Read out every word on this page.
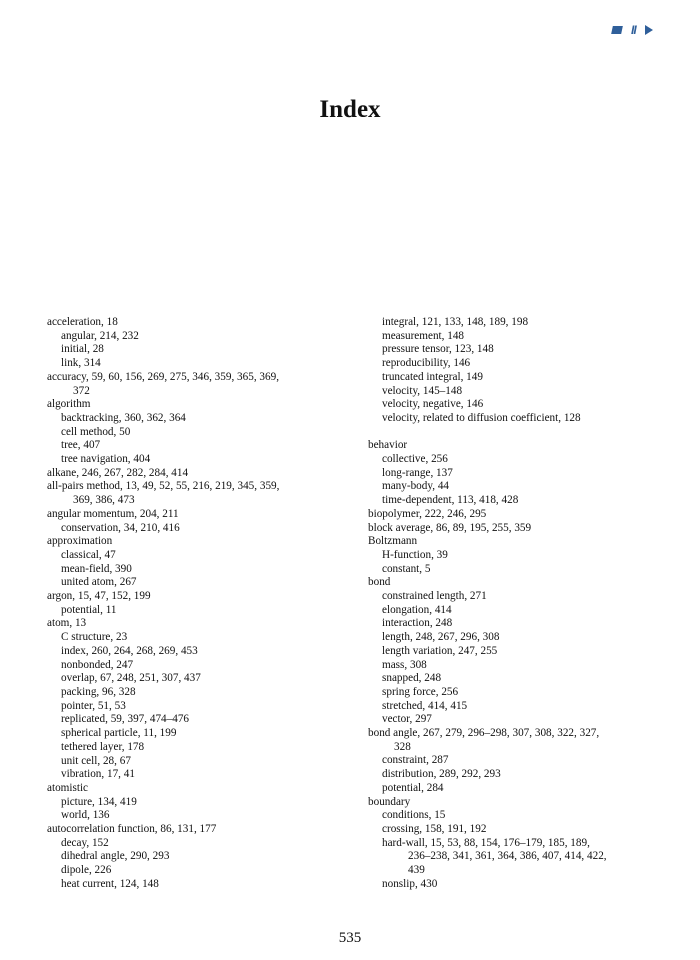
II
Index
acceleration, 18
angular, 214, 232
initial, 28
link, 314
accuracy, 59, 60, 156, 269, 275, 346, 359, 365, 369,
372
algorithm
backtracking, 360, 362, 364
cell method, 50
tree, 407
tree navigation, 404
alkane, 246, 267, 282, 284, 414
all-pairs method, 13, 49, 52, 55, 216, 219, 345, 359,
369, 386, 473
angular momentum, 204, 211
conservation, 34, 210, 416
approximation
classical, 47
mean-field, 390
united atom, 267
argon, 15, 47, 152, 199
potential, 11
atom, 13
C structure, 23
index, 260, 264, 268, 269, 453
nonbonded, 247
overlap, 67, 248, 251, 307, 437
packing, 96, 328
pointer, 51, 53
replicated, 59, 397, 474–476
spherical particle, 11, 199
tethered layer, 178
unit cell, 28, 67
vibration, 17, 41
atomistic
picture, 134, 419
world, 136
autocorrelation function, 86, 131, 177
decay, 152
dihedral angle, 290, 293
dipole, 226
heat current, 124, 148
integral, 121, 133, 148, 189, 198
measurement, 148
pressure tensor, 123, 148
reproducibility, 146
truncated integral, 149
velocity, 145–148
velocity, negative, 146
velocity, related to diffusion coefficient, 128
behavior
collective, 256
long-range, 137
many-body, 44
time-dependent, 113, 418, 428
biopolymer, 222, 246, 295
block average, 86, 89, 195, 255, 359
Boltzmann
H-function, 39
constant, 5
bond
constrained length, 271
elongation, 414
interaction, 248
length, 248, 267, 296, 308
length variation, 247, 255
mass, 308
snapped, 248
spring force, 256
stretched, 414, 415
vector, 297
bond angle, 267, 279, 296–298, 307, 308, 322, 327,
328
constraint, 287
distribution, 289, 292, 293
potential, 284
boundary
conditions, 15
crossing, 158, 191, 192
hard-wall, 15, 53, 88, 154, 176–179, 185, 189,
236–238, 341, 361, 364, 386, 407, 414, 422,
439
nonslip, 430
535
